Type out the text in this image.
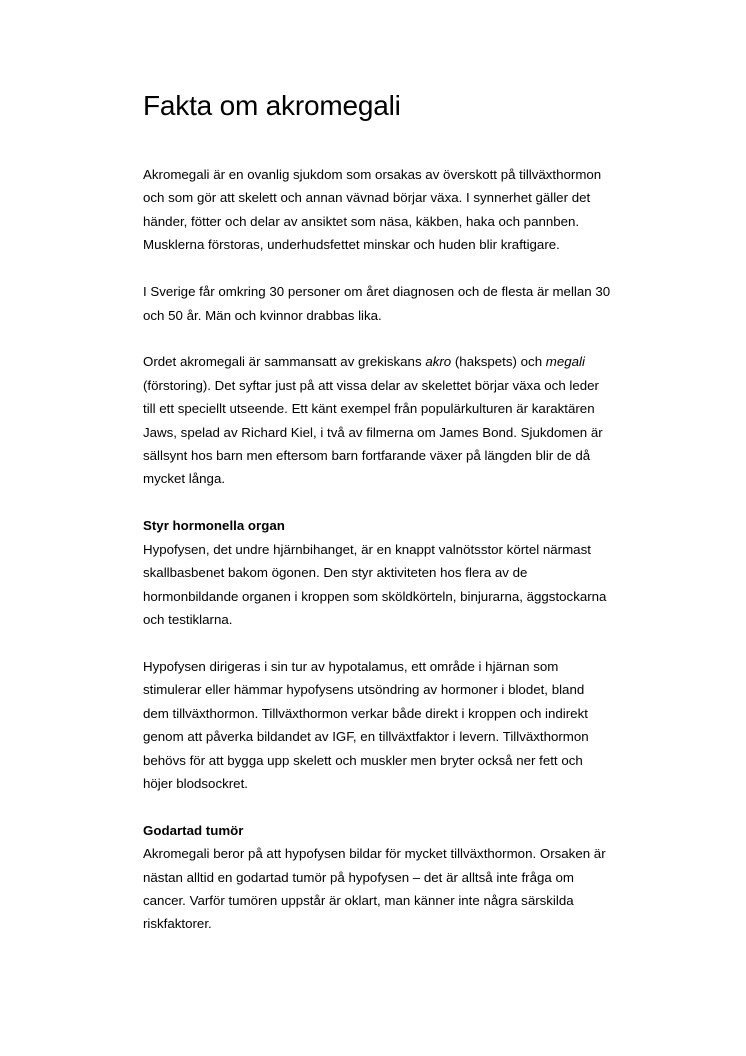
Fakta om akromegali

Akromegali är en ovanlig sjukdom som orsakas av överskott på tillväxthormon och som gör att skelett och annan vävnad börjar växa. I synnerhet gäller det händer, fötter och delar av ansiktet som näsa, käkben, haka och pannben. Musklerna förstoras, underhudsfettet minskar och huden blir kraftigare.

I Sverige får omkring 30 personer om året diagnosen och de flesta är mellan 30 och 50 år. Män och kvinnor drabbas lika.

Ordet akromegali är sammansatt av grekiskans akro (hakspets) och megali (förstoring). Det syftar just på att vissa delar av skelettet börjar växa och leder till ett speciellt utseende. Ett känt exempel från populärkulturen är karaktären Jaws, spelad av Richard Kiel, i två av filmerna om James Bond. Sjukdomen är sällsynt hos barn men eftersom barn fortfarande växer på längden blir de då mycket långa.

Styr hormonella organ

Hypofysen, det undre hjärnbihanget, är en knappt valnötsstor körtel närmast skallbasbenet bakom ögonen. Den styr aktiviteten hos flera av de hormonbildande organen i kroppen som sköldkörteln, binjurarna, äggstockarna och testiklarna.

Hypofysen dirigeras i sin tur av hypotalamus, ett område i hjärnan som stimulerar eller hämmar hypofysens utsöndring av hormoner i blodet, bland dem tillväxthormon. Tillväxthormon verkar både direkt i kroppen och indirekt genom att påverka bildandet av IGF, en tillväxtfaktor i levern. Tillväxthormon behövs för att bygga upp skelett och muskler men bryter också ner fett och höjer blodsockret.

Godartad tumör

Akromegali beror på att hypofysen bildar för mycket tillväxthormon. Orsaken är nästan alltid en godartad tumör på hypofysen – det är alltså inte fråga om cancer. Varför tumören uppstår är oklart, man känner inte några särskilda riskfaktorer.
